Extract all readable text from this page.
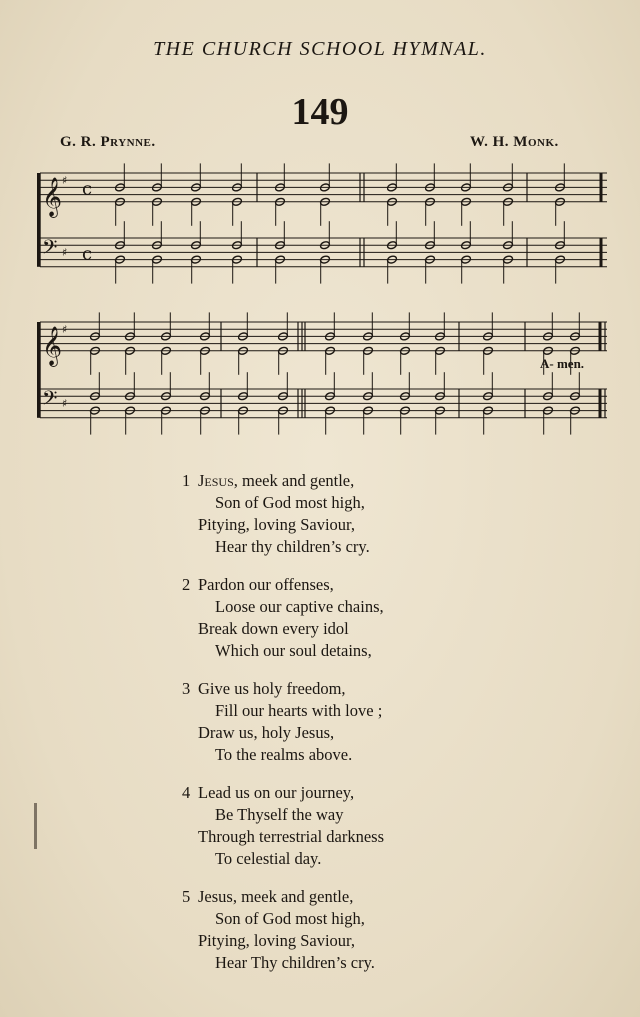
THE CHURCH SCHOOL HYMNAL.
149
G. R. Prynne.	W. H. Monk.
𝄞
𝄢
♯
♯
c
c
𝄞
𝄢
♯
♯
A- men.
1 Jesus, meek and gentle,
Son of God most high,
Pitying, loving Saviour,
Hear thy children’s cry.
2 Pardon our offenses,
Loose our captive chains,
Break down every idol
Which our soul detains,
3 Give us holy freedom,
Fill our hearts with love ;
Draw us, holy Jesus,
To the realms above.
4 Lead us on our journey,
Be Thyself the way
Through terrestrial darkness
To celestial day.
5 Jesus, meek and gentle,
Son of God most high,
Pitying, loving Saviour,
Hear Thy children’s cry.
